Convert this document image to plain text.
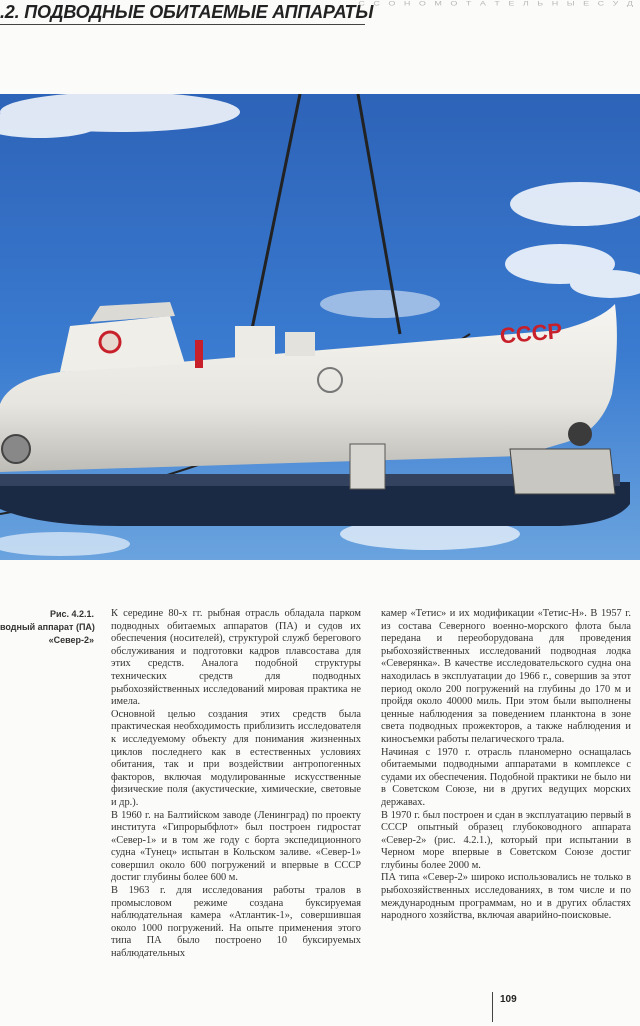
.2. ПОДВОДНЫЕ ОБИТАЕМЫЕ АППАРАТЫ
С С О Н О М О Т А Т Е Л Ь Н Ы Е С У Д
СССР
Рис. 4.2.1.
водный аппарат (ПА)
«Север-2»

К середине 80-х гг. рыбная отрасль обладала парком подводных обитаемых аппаратов (ПА) и судов их обеспечения (носителей), структурой служб берегового обслуживания и подготовки кадров плавсостава для этих средств. Аналога подобной структуры технических средств для подводных рыбохозяйственных исследований мировая практика не имела.

Основной целью создания этих средств была практическая необходимость приблизить исследователя к исследуемому объекту для понимания жизненных циклов последнего как в естественных условиях обитания, так и при воздействии антропогенных факторов, включая модулированные искусственные физические поля (акустические, химические, световые и др.).

В 1960 г. на Балтийском заводе (Ленинград) по проекту института «Гипрорыбфлот» был построен гидростат «Север-1» и в том же году с борта экспедиционного судна «Тунец» испытан в Кольском заливе. «Север-1» совершил около 600 погружений и впервые в СССР достиг глубины более 600 м.

В 1963 г. для исследования работы тралов в промысловом режиме создана буксируемая наблюдательная камера «Атлантик-1», совершившая около 1000 погружений. На опыте применения этого типа ПА было построено 10 буксируемых наблюдательных

камер «Тетис» и их модификации «Тетис-Н». В 1957 г. из состава Северного военно-морского флота была передана и переоборудована для проведения рыбохозяйственных исследований подводная лодка «Северянка». В качестве исследовательского судна она находилась в эксплуатации до 1966 г., совершив за этот период около 200 погружений на глубины до 170 м и пройдя около 40000 миль. При этом были выполнены ценные наблюдения за поведением планктона в зоне света подводных прожекторов, а также наблюдения и киносъемки работы пелагического трала.

Начиная с 1970 г. отрасль планомерно оснащалась обитаемыми подводными аппаратами в комплексе с судами их обеспечения. Подобной практики не было ни в Советском Союзе, ни в других ведущих морских державах.

В 1970 г. был построен и сдан в эксплуатацию первый в СССР опытный образец глубоководного аппарата «Север-2» (рис. 4.2.1.), который при испытании в Черном море впервые в Советском Союзе достиг глубины более 2000 м.

ПА типа «Север-2» широко использовались не только в рыбохозяйственных исследованиях, в том числе и по международным программам, но и в других областях народного хозяйства, включая аварийно-поисковые.

109
